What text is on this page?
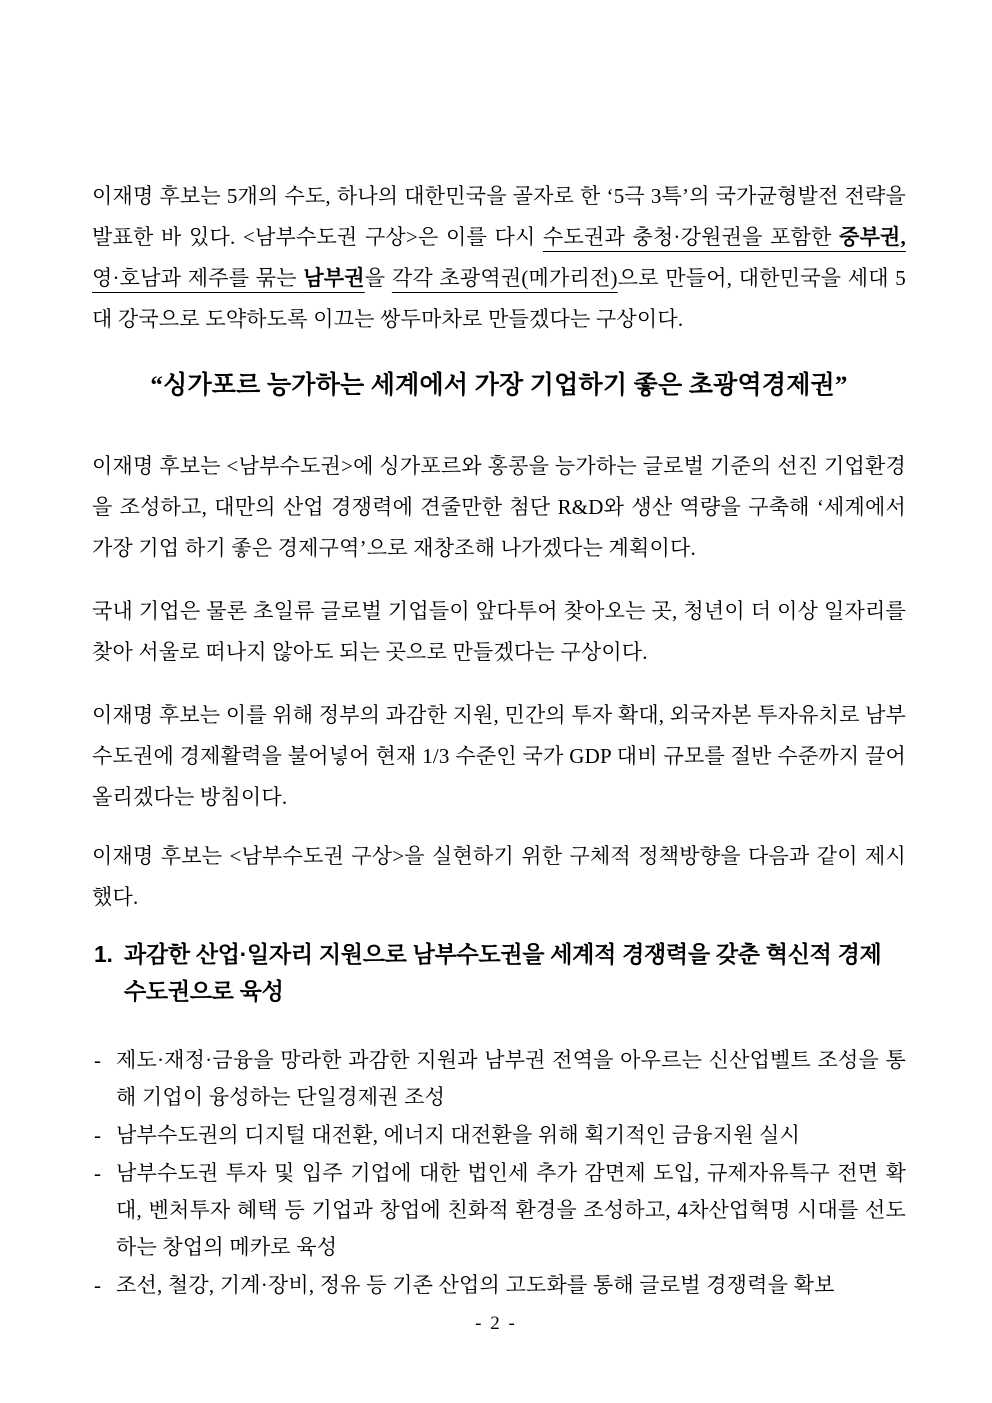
이재명 후보는 5개의 수도, 하나의 대한민국을 골자로 한 ‘5극 3특’의 국가균형발전 전략을 발표한 바 있다. <남부수도권 구상>은 이를 다시 수도권과 충청·강원권을 포함한 중부권, 영·호남과 제주를 묶는 남부권을 각각 초광역권(메가리전)으로 만들어, 대한민국을 세대 5대 강국으로 도약하도록 이끄는 쌍두마차로 만들겠다는 구상이다.

“싱가포르 능가하는 세계에서 가장 기업하기 좋은 초광역경제권”

이재명 후보는 <남부수도권>에 싱가포르와 홍콩을 능가하는 글로벌 기준의 선진 기업환경을 조성하고, 대만의 산업 경쟁력에 견줄만한 첨단 R&D와 생산 역량을 구축해 ‘세계에서 가장 기업 하기 좋은 경제구역’으로 재창조해 나가겠다는 계획이다.

국내 기업은 물론 초일류 글로벌 기업들이 앞다투어 찾아오는 곳, 청년이 더 이상 일자리를 찾아 서울로 떠나지 않아도 되는 곳으로 만들겠다는 구상이다.

이재명 후보는 이를 위해 정부의 과감한 지원, 민간의 투자 확대, 외국자본 투자유치로 남부 수도권에 경제활력을 불어넣어 현재 1/3 수준인 국가 GDP 대비 규모를 절반 수준까지 끌어올리겠다는 방침이다.

이재명 후보는 <남부수도권 구상>을 실현하기 위한 구체적 정책방향을 다음과 같이 제시했다.

1. 과감한 산업·일자리 지원으로 남부수도권을 세계적 경쟁력을 갖춘 혁신적 경제 수도권으로 육성
- 제도·재정·금융을 망라한 과감한 지원과 남부권 전역을 아우르는 신산업벨트 조성을 통해 기업이 융성하는 단일경제권 조성
- 남부수도권의 디지털 대전환, 에너지 대전환을 위해 획기적인 금융지원 실시
- 남부수도권 투자 및 입주 기업에 대한 법인세 추가 감면제 도입, 규제자유특구 전면 확대, 벤처투자 혜택 등 기업과 창업에 친화적 환경을 조성하고, 4차산업혁명 시대를 선도하는 창업의 메카로 육성
- 조선, 철강, 기계·장비, 정유 등 기존 산업의 고도화를 통해 글로벌 경쟁력을 확보
- 2 -
